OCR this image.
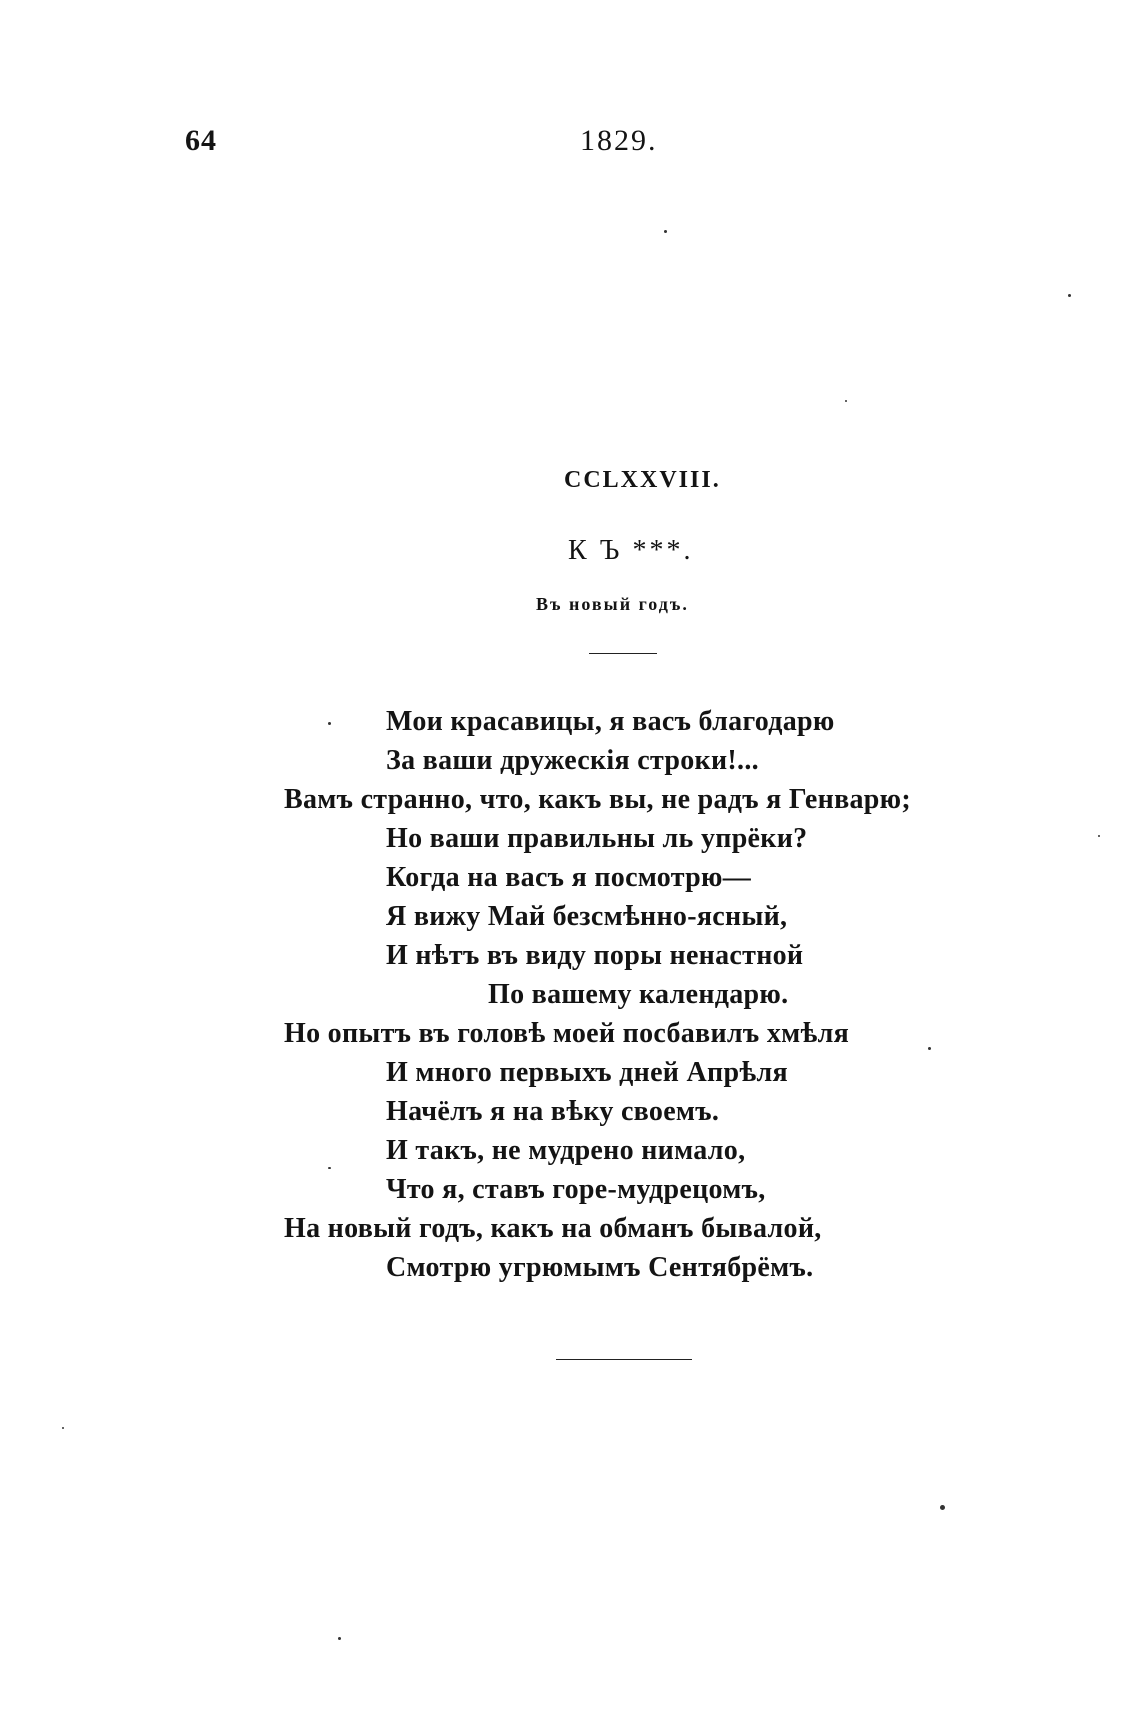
64	1829.
CCLXXVIII.
К Ъ ***.
Въ новый годъ.
Мои красавицы, я васъ благодарю
За ваши дружескія строки!...
Вамъ странно, что, какъ вы, не радъ я Генварю;
Но ваши правильны ль упрёки?
Когда на васъ я посмотрю—
Я вижу Май безсмѣнно-ясный,
И нѣтъ въ виду поры ненастной
По вашему календарю.
Но опытъ въ головѣ моей посбавилъ хмѣля
И много первыхъ дней Апрѣля
Начёлъ я на вѣку своемъ.
И такъ, не мудрено нимало,
Что я, ставъ горе-мудрецомъ,
На новый годъ, какъ на обманъ бывалой,
Смотрю угрюмымъ Сентябрёмъ.
